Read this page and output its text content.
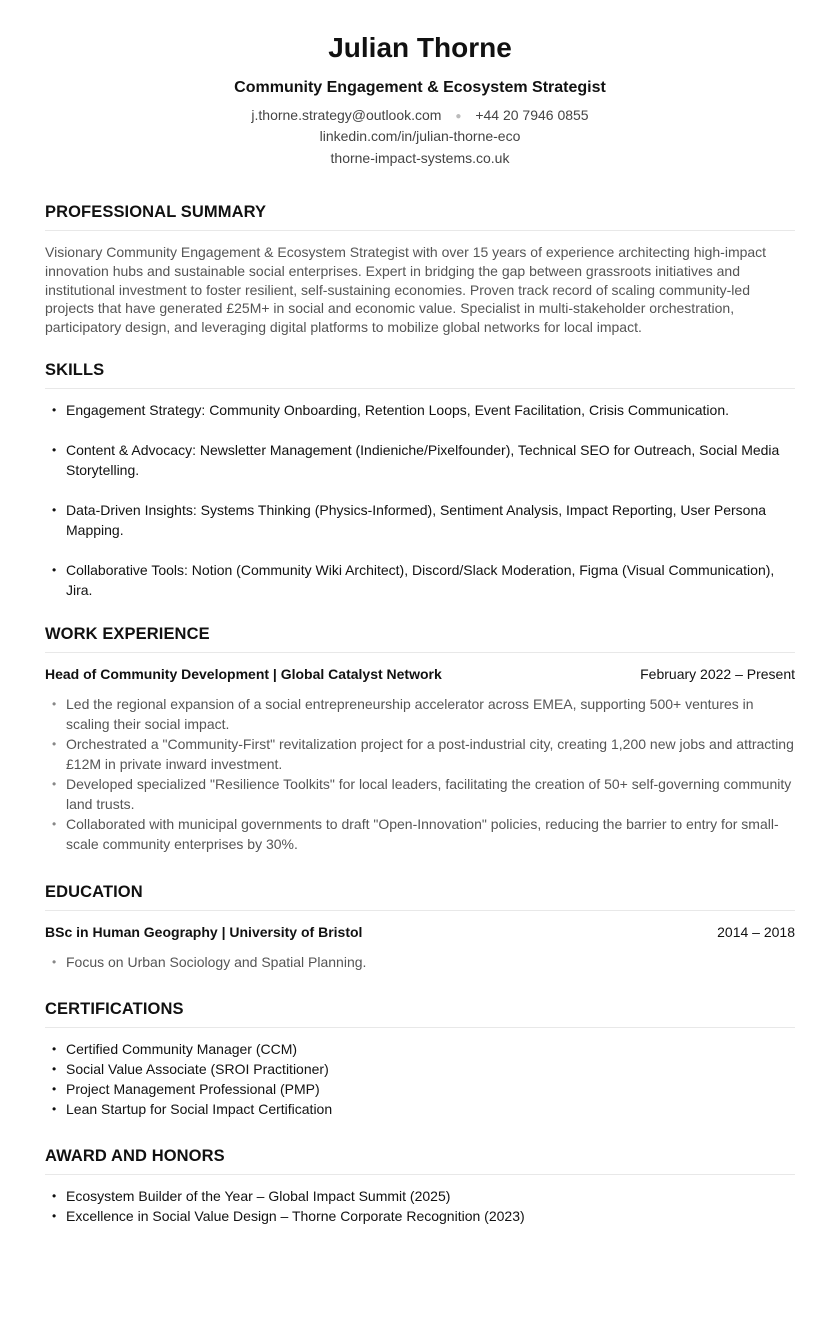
Julian Thorne
Community Engagement & Ecosystem Strategist
j.thorne.strategy@outlook.com ● +44 20 7946 0855
linkedin.com/in/julian-thorne-eco
thorne-impact-systems.co.uk
PROFESSIONAL SUMMARY
Visionary Community Engagement & Ecosystem Strategist with over 15 years of experience architecting high-impact innovation hubs and sustainable social enterprises. Expert in bridging the gap between grassroots initiatives and institutional investment to foster resilient, self-sustaining economies. Proven track record of scaling community-led projects that have generated £25M+ in social and economic value. Specialist in multi-stakeholder orchestration, participatory design, and leveraging digital platforms to mobilize global networks for local impact.
SKILLS
• Engagement Strategy: Community Onboarding, Retention Loops, Event Facilitation, Crisis Communication.
• Content & Advocacy: Newsletter Management (Indieniche/Pixelfounder), Technical SEO for Outreach, Social Media Storytelling.
• Data-Driven Insights: Systems Thinking (Physics-Informed), Sentiment Analysis, Impact Reporting, User Persona Mapping.
• Collaborative Tools: Notion (Community Wiki Architect), Discord/Slack Moderation, Figma (Visual Communication), Jira.
WORK EXPERIENCE
Head of Community Development | Global Catalyst Network	February 2022 – Present
• Led the regional expansion of a social entrepreneurship accelerator across EMEA, supporting 500+ ventures in scaling their social impact.
• Orchestrated a "Community-First" revitalization project for a post-industrial city, creating 1,200 new jobs and attracting £12M in private inward investment.
• Developed specialized "Resilience Toolkits" for local leaders, facilitating the creation of 50+ self-governing community land trusts.
• Collaborated with municipal governments to draft "Open-Innovation" policies, reducing the barrier to entry for small-scale community enterprises by 30%.
EDUCATION
BSc in Human Geography | University of Bristol	2014 – 2018
• Focus on Urban Sociology and Spatial Planning.
CERTIFICATIONS
• Certified Community Manager (CCM)
• Social Value Associate (SROI Practitioner)
• Project Management Professional (PMP)
• Lean Startup for Social Impact Certification
AWARD AND HONORS
• Ecosystem Builder of the Year – Global Impact Summit (2025)
• Excellence in Social Value Design – Thorne Corporate Recognition (2023)
